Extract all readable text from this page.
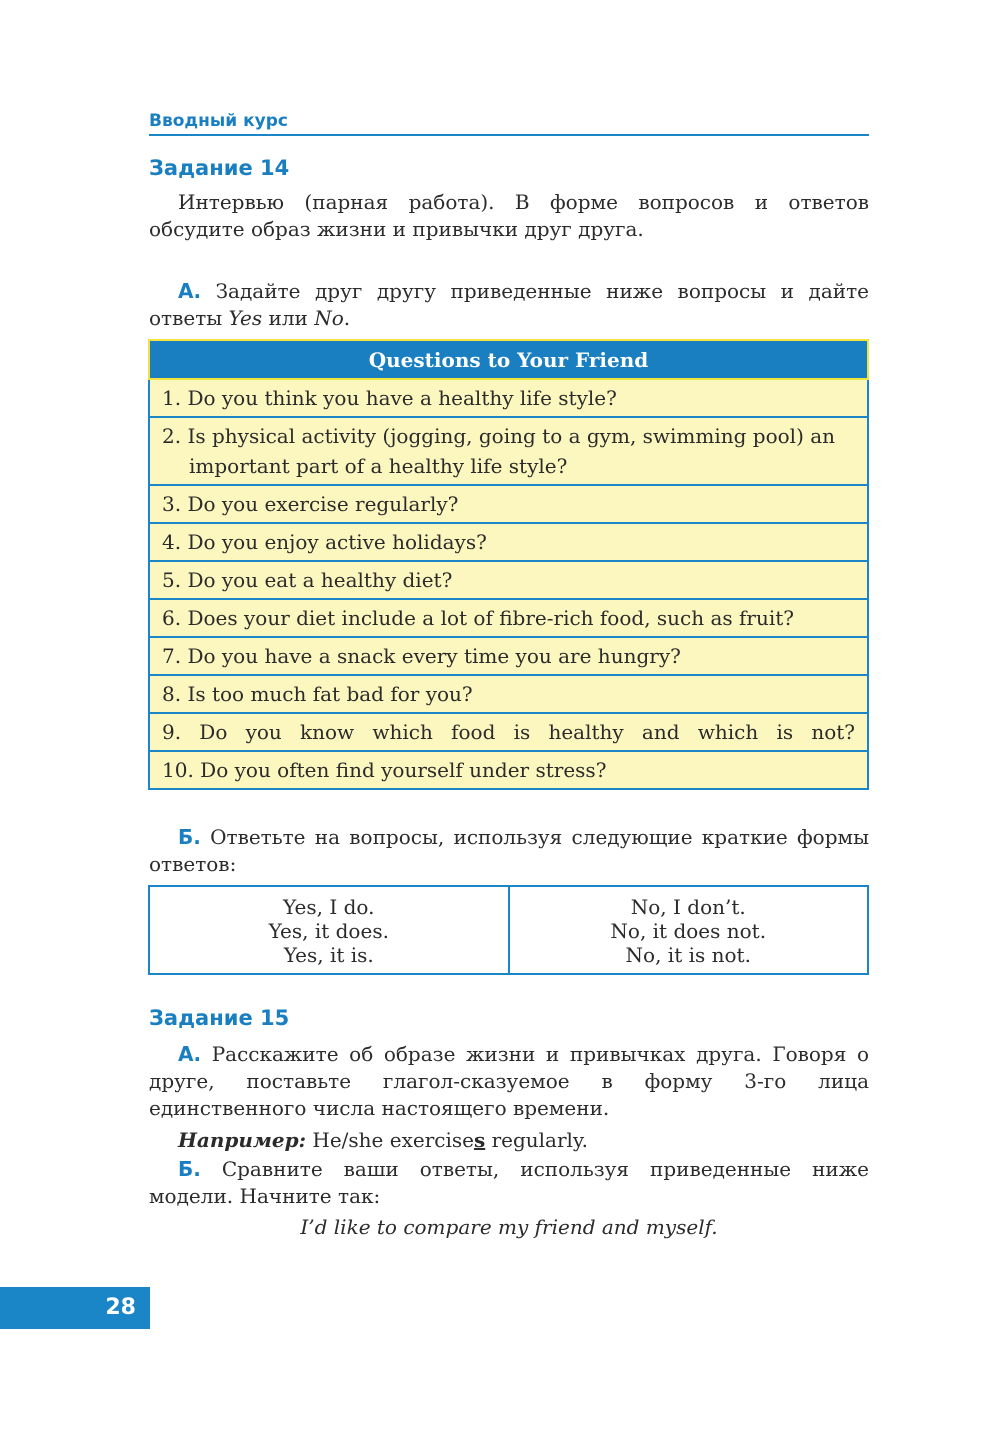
Вводный курс
Задание 14

Интервью (парная работа). В форме вопросов и ответов обсудите образ жизни и привычки друг друга.

А. Задайте друг другу приведенные ниже вопросы и дайте ответы Yes или No.

Questions to Your Friend
1. Do you think you have a healthy life style?

2. Is physical activity (jogging, going to a gym, swimming pool) an important part of a healthy life style?

3. Do you exercise regularly?
4. Do you enjoy active holidays?
5. Do you eat a healthy diet?
6. Does your diet include a lot of fibre-rich food, such as fruit?
7. Do you have a snack every time you are hungry?
8. Is too much fat bad for you?
9. Do you know which food is healthy and which is not?
10. Do you often find yourself under stress?

Б. Ответьте на вопросы, используя следующие краткие формы ответов:

Yes, I do.
Yes, it does.
Yes, it is.

No, I don’t.
No, it does not.
No, it is not.
Задание 15

А. Расскажите об образе жизни и привычках друга. Говоря о друге, поставьте глагол-сказуемое в форму 3-го лица единственного числа настоящего времени.

Например: He/she exercises regularly.

Б. Сравните ваши ответы, используя приведенные ниже модели. Начните так:

I’d like to compare my friend and myself.
28
